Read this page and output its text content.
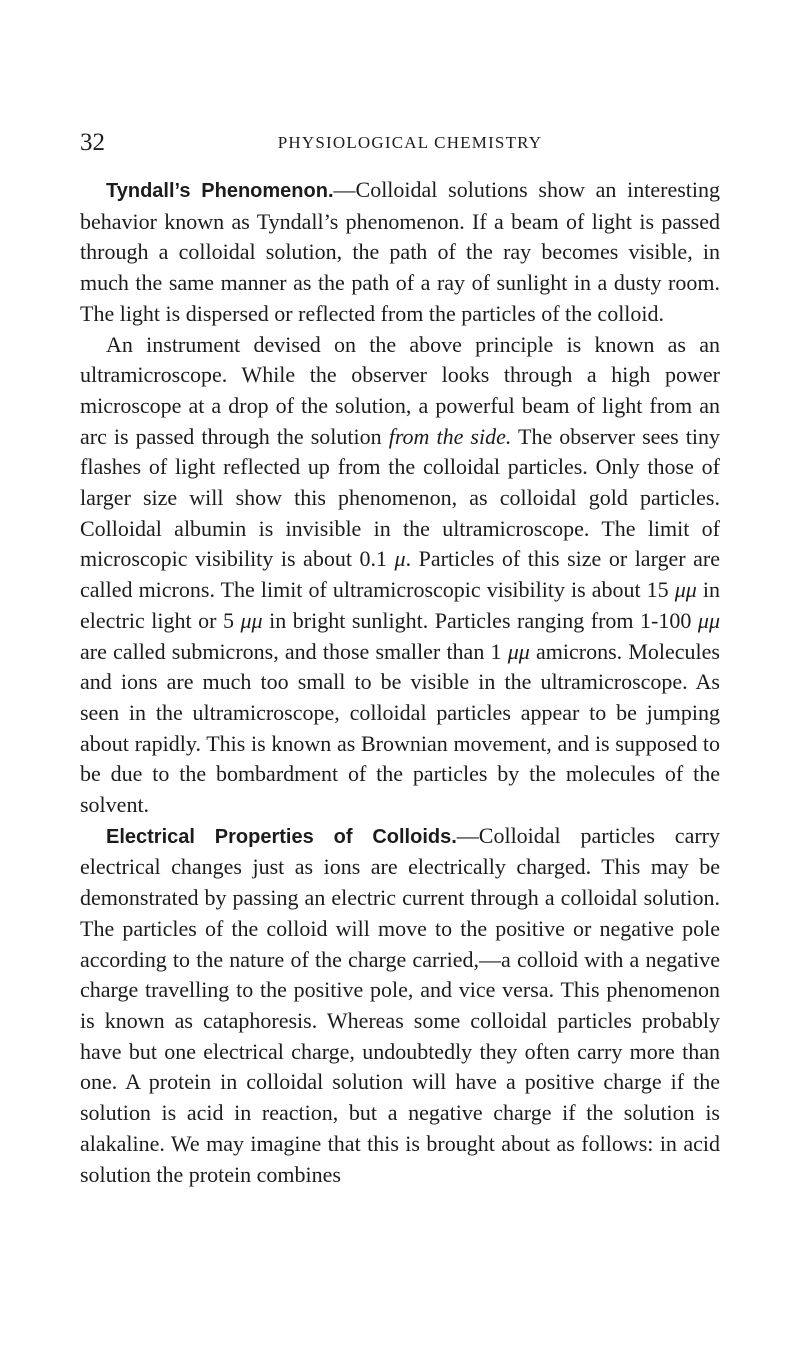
32	PHYSIOLOGICAL CHEMISTRY

Tyndall’s Phenomenon.—Colloidal solutions show an interesting behavior known as Tyndall’s phenomenon. If a beam of light is passed through a colloidal solution, the path of the ray becomes visible, in much the same manner as the path of a ray of sunlight in a dusty room. The light is dispersed or reflected from the particles of the colloid.

An instrument devised on the above principle is known as an ultramicroscope. While the observer looks through a high power microscope at a drop of the solution, a powerful beam of light from an arc is passed through the solution from the side. The observer sees tiny flashes of light reflected up from the colloidal particles. Only those of larger size will show this phenomenon, as colloidal gold particles. Colloidal albumin is invisible in the ultramicroscope. The limit of microscopic visibility is about 0.1 μ. Particles of this size or larger are called microns. The limit of ultramicroscopic visibility is about 15 μμ in electric light or 5 μμ in bright sunlight. Particles ranging from 1-100 μμ are called submicrons, and those smaller than 1 μμ amicrons. Molecules and ions are much too small to be visible in the ultramicroscope. As seen in the ultramicroscope, colloidal particles appear to be jumping about rapidly. This is known as Brownian movement, and is supposed to be due to the bombardment of the particles by the molecules of the solvent.

Electrical Properties of Colloids.—Colloidal particles carry electrical changes just as ions are electrically charged. This may be demonstrated by passing an electric current through a colloidal solution. The particles of the colloid will move to the positive or negative pole according to the nature of the charge carried,—a colloid with a negative charge travelling to the positive pole, and vice versa. This phenomenon is known as cataphoresis. Whereas some colloidal particles probably have but one electrical charge, undoubtedly they often carry more than one. A protein in colloidal solution will have a positive charge if the solution is acid in reaction, but a negative charge if the solution is alakaline. We may imagine that this is brought about as follows: in acid solution the protein combines
